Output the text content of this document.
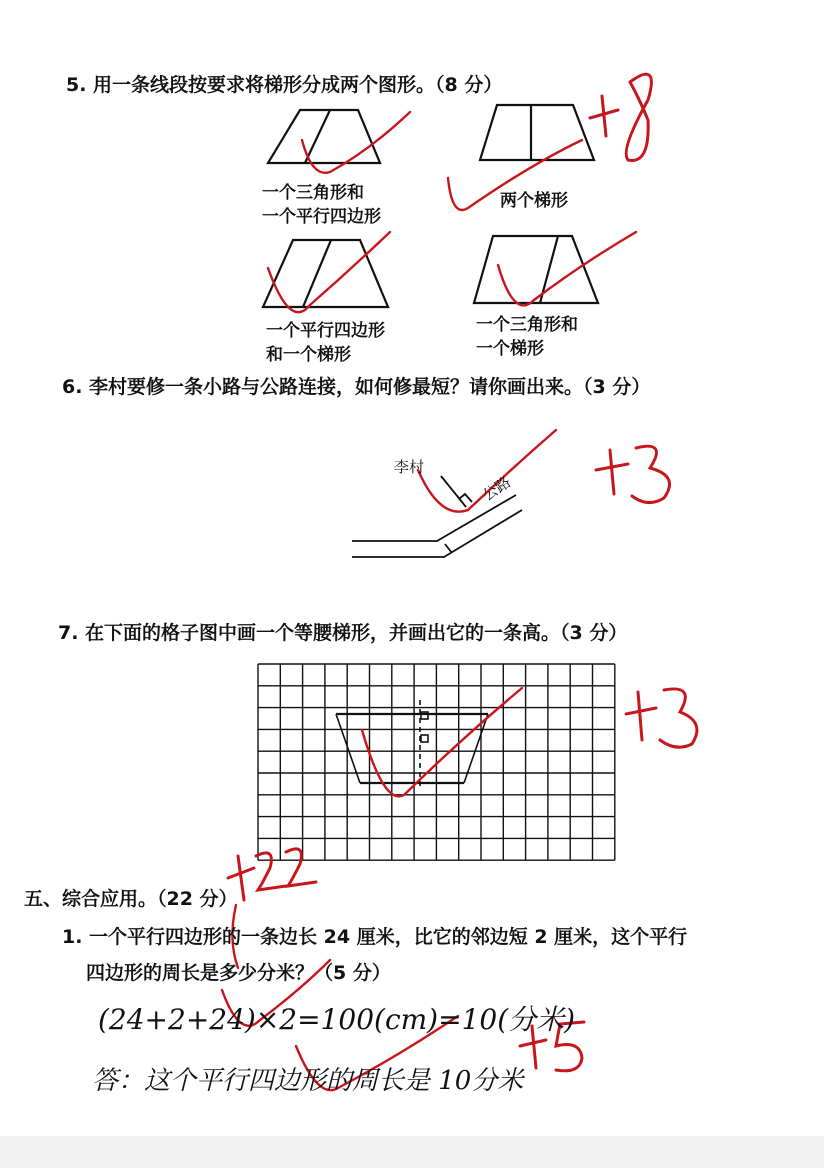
5. 用一条线段按要求将梯形分成两个图形。（8 分）
一个三角形和
一个平行四边形
两个梯形
一个平行四边形
和一个梯形
一个三角形和
一个梯形
6. 李村要修一条小路与公路连接，如何修最短？请你画出来。（3 分）
李村
公路
7. 在下面的格子图中画一个等腰梯形，并画出它的一条高。（3 分）
五、综合应用。（22 分）
1. 一个平行四边形的一条边长 24 厘米，比它的邻边短 2 厘米，这个平行
四边形的周长是多少分米？（5 分）
(24+2+24)×2=100(cm)=10(分米)
答：这个平行四边形的周长是 10分米
